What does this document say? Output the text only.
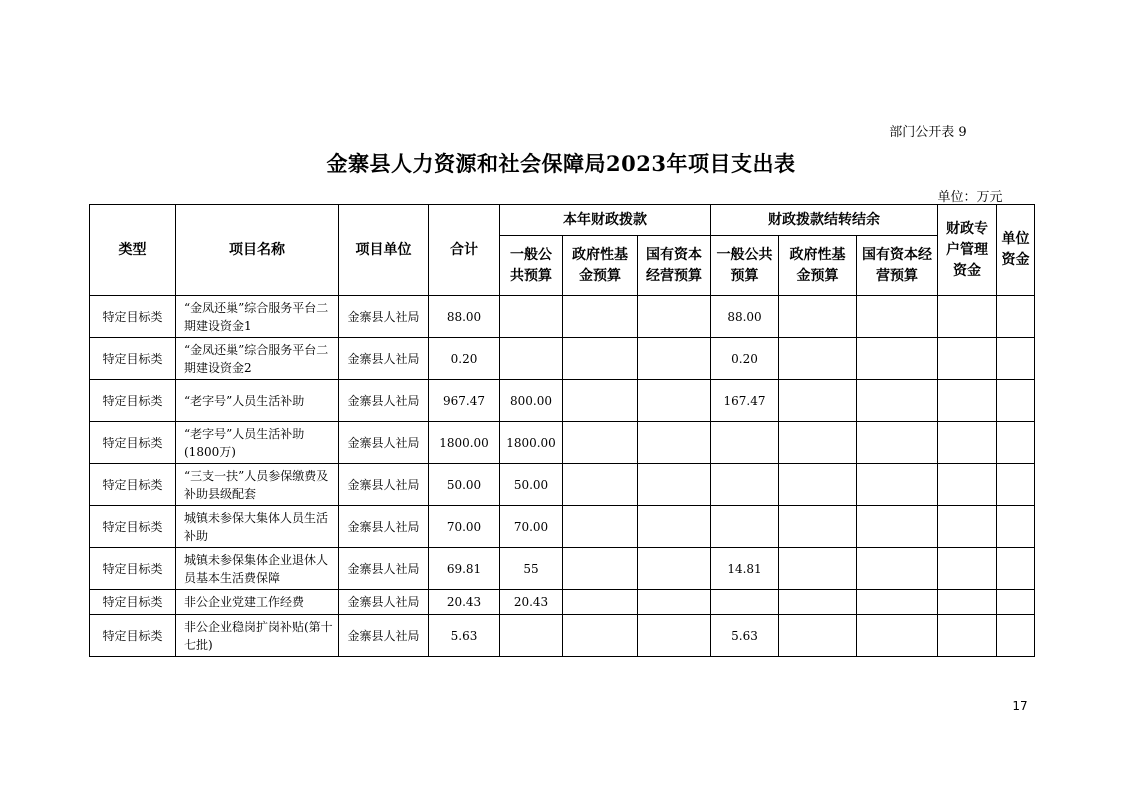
部门公开表 9
金寨县人力资源和社会保障局2023年项目支出表
单位：万元
类型	项目名称	项目单位	合计	本年财政拨款			财政拨款结转结余			财政专户管理资金	单位资金
				一般公共预算	政府性基金预算	国有资本经营预算	一般公共预算	政府性基金预算	国有资本经营预算		
特定目标类	“金凤还巢”综合服务平台二期建设资金1	金寨县人社局	88.00				88.00				
特定目标类	“金凤还巢”综合服务平台二期建设资金2	金寨县人社局	0.20				0.20				
特定目标类	“老字号”人员生活补助	金寨县人社局	967.47	800.00			167.47				
特定目标类	“老字号”人员生活补助(1800万)	金寨县人社局	1800.00	1800.00							
特定目标类	“三支一扶”人员参保缴费及补助县级配套	金寨县人社局	50.00	50.00							
特定目标类	城镇未参保大集体人员生活补助	金寨县人社局	70.00	70.00							
特定目标类	城镇未参保集体企业退休人员基本生活费保障	金寨县人社局	69.81	55			14.81				
特定目标类	非公企业党建工作经费	金寨县人社局	20.43	20.43							
特定目标类	非公企业稳岗扩岗补贴(第十七批)	金寨县人社局	5.63				5.63				
17
